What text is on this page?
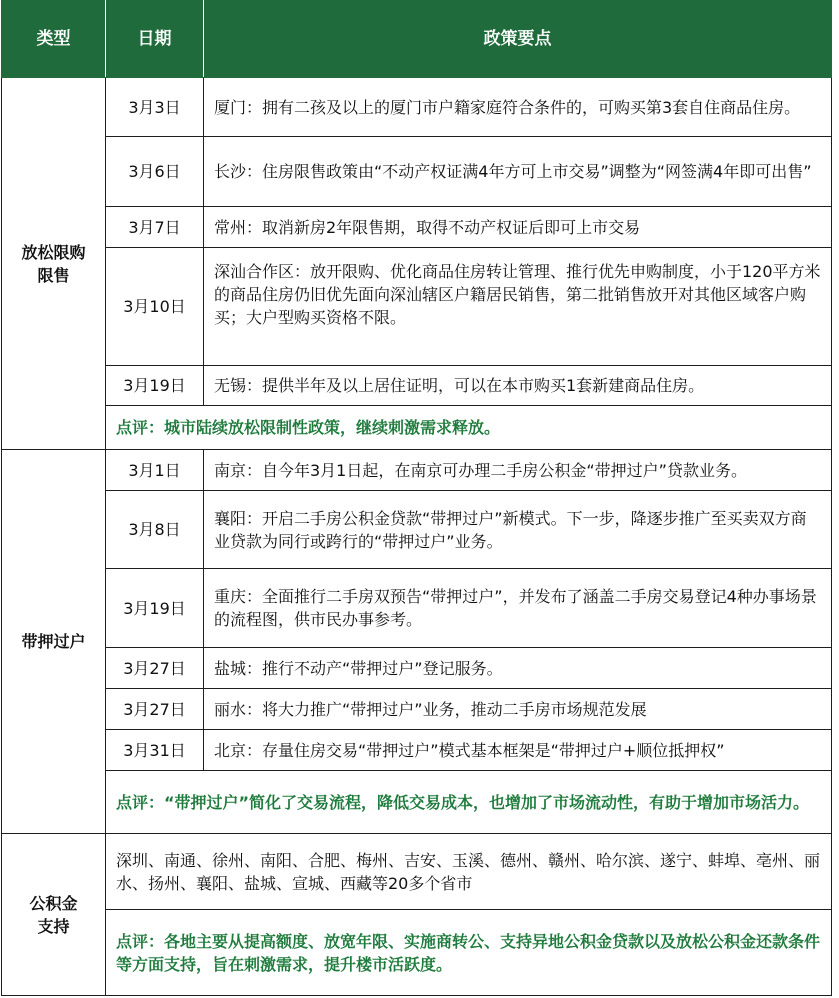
类型	日期	政策要点
放松限购限售	3月3日	厦门：拥有二孩及以上的厦门市户籍家庭符合条件的，可购买第3套自住商品住房。
	3月6日	长沙：住房限售政策由“不动产权证满4年方可上市交易”调整为“网签满4年即可出售”
	3月7日	常州：取消新房2年限售期，取得不动产权证后即可上市交易
	3月10日	深汕合作区：放开限购、优化商品住房转让管理、推行优先申购制度，小于120平方米的商品住房仍旧优先面向深汕辖区户籍居民销售，第二批销售放开对其他区域客户购买；大户型购买资格不限。
	3月19日	无锡：提供半年及以上居住证明，可以在本市购买1套新建商品住房。
	点评：城市陆续放松限制性政策，继续刺激需求释放。	
带押过户	3月1日	南京：自今年3月1日起，在南京可办理二手房公积金“带押过户”贷款业务。
	3月8日	襄阳：开启二手房公积金贷款“带押过户”新模式。下一步，降逐步推广至买卖双方商业贷款为同行或跨行的“带押过户”业务。
	3月19日	重庆：全面推行二手房双预告“带押过户”，并发布了涵盖二手房交易登记4种办事场景的流程图，供市民办事参考。
	3月27日	盐城：推行不动产“带押过户”登记服务。
	3月27日	丽水：将大力推广“带押过户”业务，推动二手房市场规范发展
	3月31日	北京：存量住房交易“带押过户”模式基本框架是“带押过户+顺位抵押权”
	点评：“带押过户”简化了交易流程，降低交易成本，也增加了市场流动性，有助于增加市场活力。	
公积金支持	深圳、南通、徐州、南阳、合肥、梅州、吉安、玉溪、德州、赣州、哈尔滨、遂宁、蚌埠、亳州、丽水、扬州、襄阳、盐城、宣城、西藏等20多个省市	
	点评：各地主要从提高额度、放宽年限、实施商转公、支持异地公积金贷款以及放松公积金还款条件等方面支持，旨在刺激需求，提升楼市活跃度。	
